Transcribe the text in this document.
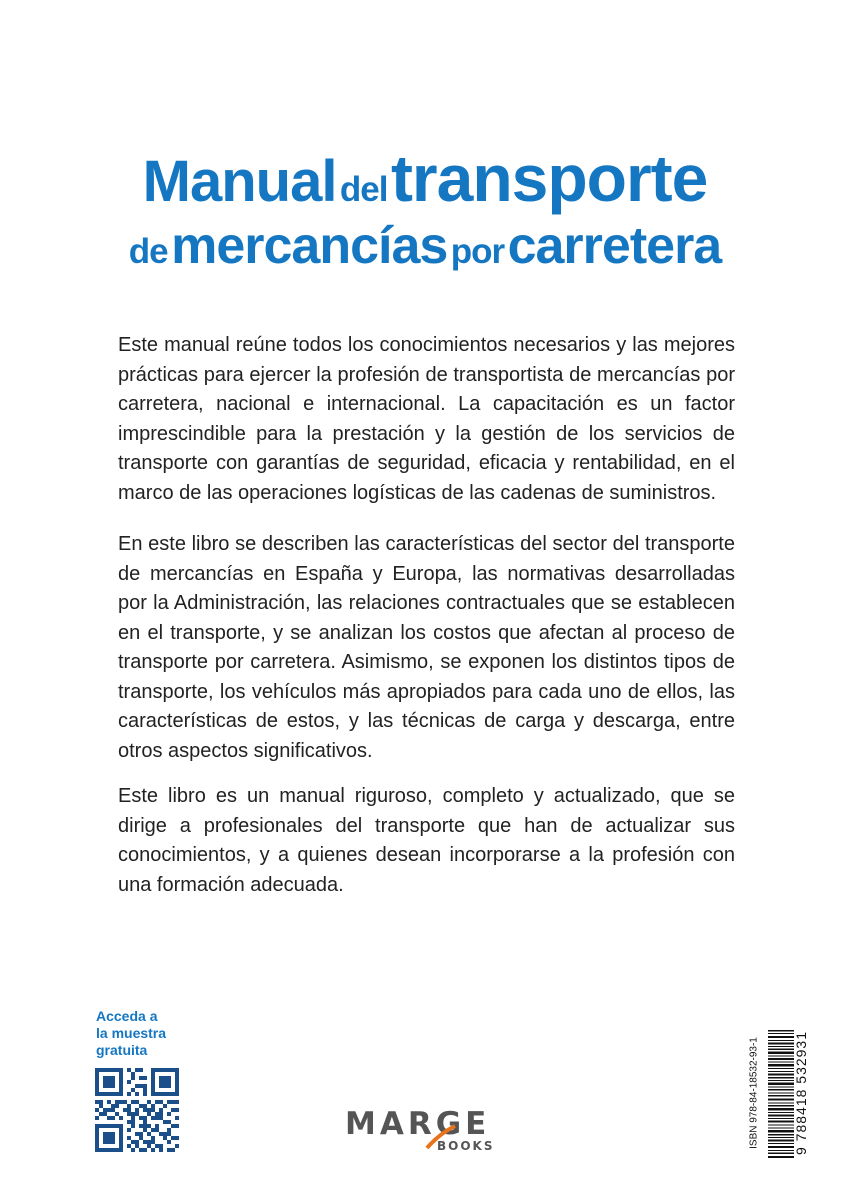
Manual del transporte
de mercancías por carretera

Este manual reúne todos los conocimientos necesarios y las mejores prácticas para ejercer la profesión de transportista de mercancías por carretera, nacional e internacional. La capacitación es un factor imprescindible para la prestación y la gestión de los servicios de transporte con garantías de seguridad, eficacia y rentabilidad, en el marco de las operaciones logísticas de las cadenas de suministros.

En este libro se describen las características del sector del transporte de mercancías en España y Europa, las normativas desarrolladas por la Administración, las relaciones contractuales que se establecen en el transporte, y se analizan los costos que afectan al proceso de transporte por carretera. Asimismo, se exponen los distintos tipos de transporte, los vehículos más apropiados para cada uno de ellos, las características de estos, y las técnicas de carga y descarga, entre otros aspectos significativos.

Este libro es un manual riguroso, completo y actualizado, que se dirige a profesionales del transporte que han de actualizar sus conocimientos, y a quienes desean incorporarse a la profesión con una formación adecuada.

Acceda a
la muestra
gratuita
MARGE
BOOKS	ISBN 978-84-18532-93-1 9 788418 532931
